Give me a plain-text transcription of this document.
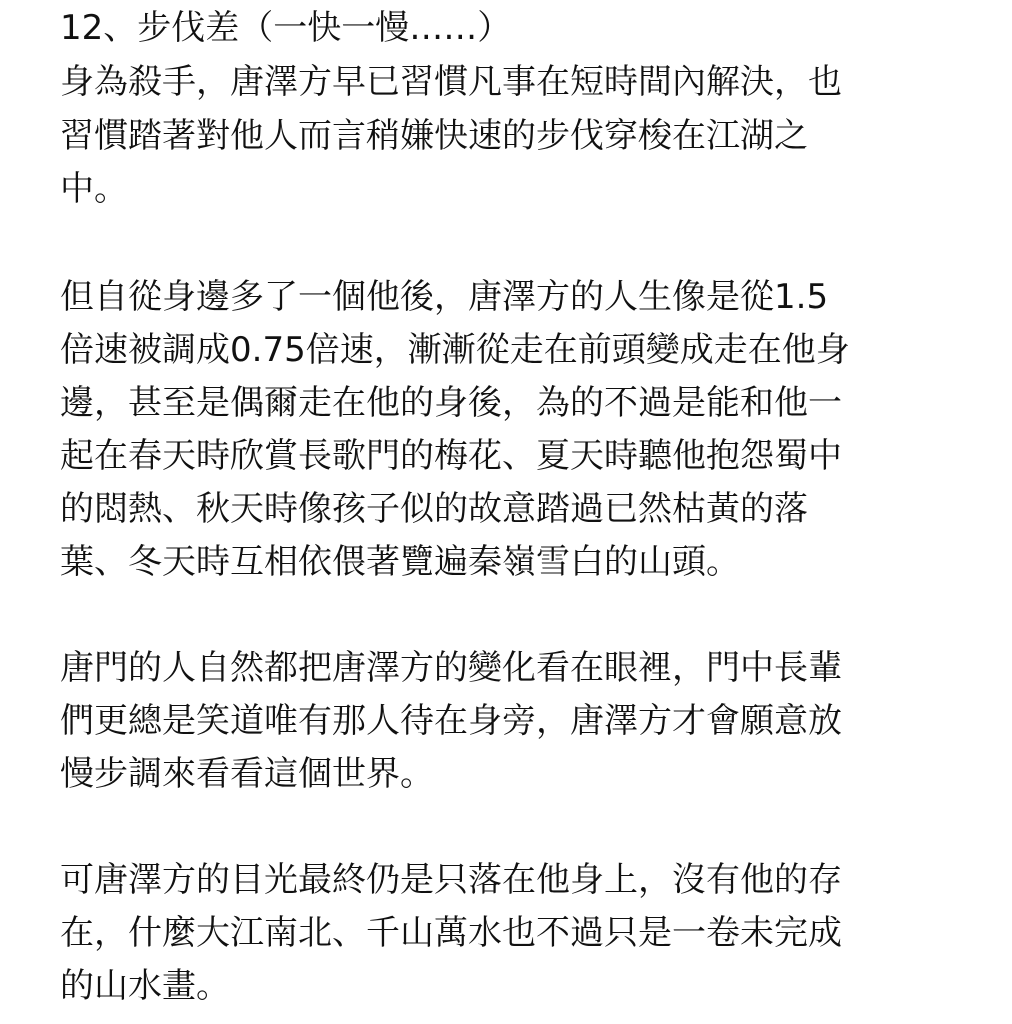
12、步伐差（一快一慢……）
身為殺手，唐澤方早已習慣凡事在短時間內解決，也
習慣踏著對他人而言稍嫌快速的步伐穿梭在江湖之
中。
但自從身邊多了一個他後，唐澤方的人生像是從1.5
倍速被調成0.75倍速，漸漸從走在前頭變成走在他身
邊，甚至是偶爾走在他的身後，為的不過是能和他一
起在春天時欣賞長歌門的梅花、夏天時聽他抱怨蜀中
的悶熱、秋天時像孩子似的故意踏過已然枯黃的落
葉、冬天時互相依偎著覽遍秦嶺雪白的山頭。
唐門的人自然都把唐澤方的變化看在眼裡，門中長輩
們更總是笑道唯有那人待在身旁，唐澤方才會願意放
慢步調來看看這個世界。
可唐澤方的目光最終仍是只落在他身上，沒有他的存
在，什麼大江南北、千山萬水也不過只是一卷未完成
的山水畫。
